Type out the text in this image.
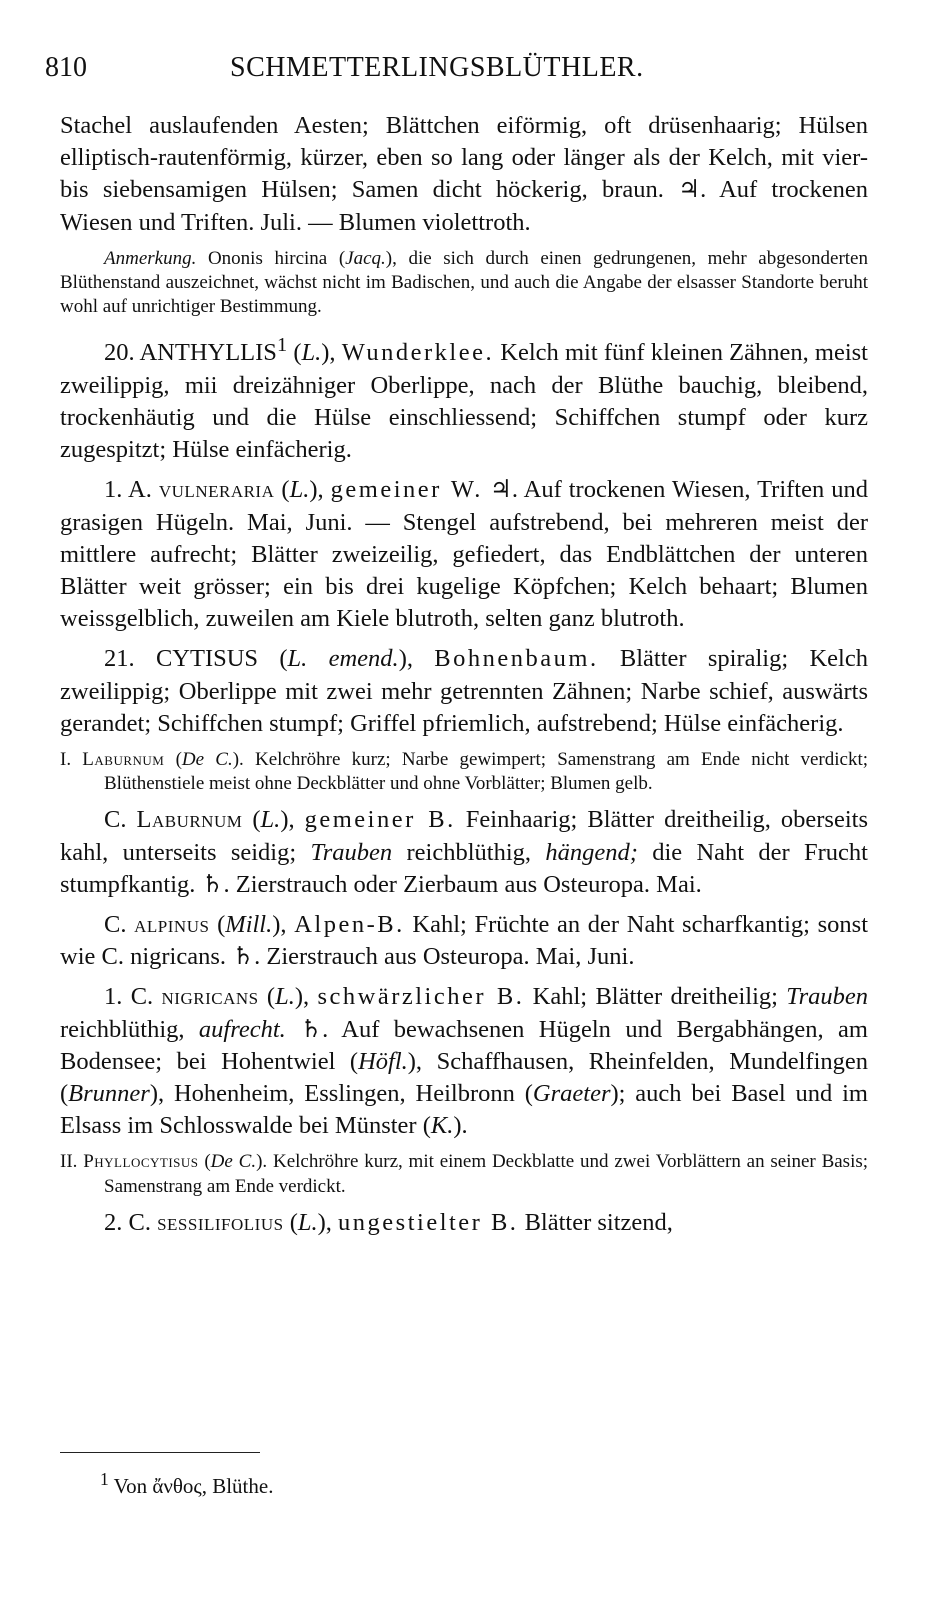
810	SCHMETTERLINGSBLÜTHLER.

Stachel auslaufenden Aesten; Blättchen eiförmig, oft drüsenhaarig; Hülsen elliptisch-rautenförmig, kürzer, eben so lang oder länger als der Kelch, mit vier- bis siebensamigen Hülsen; Samen dicht höckerig, braun. ♃. Auf trockenen Wiesen und Triften. Juli. — Blumen violettroth.

Anmerkung. Ononis hircina (Jacq.), die sich durch einen gedrungenen, mehr abgesonderten Blüthenstand auszeichnet, wächst nicht im Badischen, und auch die Angabe der elsasser Standorte beruht wohl auf unrichtiger Bestimmung.

20. ANTHYLLIS$^1$ (L.), Wunderklee. Kelch mit fünf kleinen Zähnen, meist zweilippig, mii dreizähniger Oberlippe, nach der Blüthe bauchig, bleibend, trockenhäutig und die Hülse einschliessend; Schiffchen stumpf oder kurz zugespitzt; Hülse einfächerig.

1. A. vulneraria (L.), gemeiner W. ♃. Auf trockenen Wiesen, Triften und grasigen Hügeln. Mai, Juni. — Stengel aufstrebend, bei mehreren meist der mittlere aufrecht; Blätter zweizeilig, gefiedert, das Endblättchen der unteren Blätter weit grösser; ein bis drei kugelige Köpfchen; Kelch behaart; Blumen weissgelblich, zuweilen am Kiele blutroth, selten ganz blutroth.

21. CYTISUS (L. emend.), Bohnenbaum. Blätter spiralig; Kelch zweilippig; Oberlippe mit zwei mehr getrennten Zähnen; Narbe schief, auswärts gerandet; Schiffchen stumpf; Griffel pfriemlich, aufstrebend; Hülse einfächerig.

I. Laburnum (De C.). Kelchröhre kurz; Narbe gewimpert; Samenstrang am Ende nicht verdickt; Blüthenstiele meist ohne Deckblätter und ohne Vorblätter; Blumen gelb.

C. Laburnum (L.), gemeiner B. Feinhaarig; Blätter dreitheilig, oberseits kahl, unterseits seidig; Trauben reichblüthig, hängend; die Naht der Frucht stumpfkantig. ♄. Zierstrauch oder Zierbaum aus Osteuropa. Mai.

C. alpinus (Mill.), Alpen-B. Kahl; Früchte an der Naht scharfkantig; sonst wie C. nigricans. ♄. Zierstrauch aus Osteuropa. Mai, Juni.

1. C. nigricans (L.), schwärzlicher B. Kahl; Blätter dreitheilig; Trauben reichblüthig, aufrecht. ♄. Auf bewachsenen Hügeln und Bergabhängen, am Bodensee; bei Hohentwiel (Höfl.), Schaffhausen, Rheinfelden, Mundelfingen (Brunner), Hohenheim, Esslingen, Heilbronn (Graeter); auch bei Basel und im Elsass im Schlosswalde bei Münster (K.).

II. Phyllocytisus (De C.). Kelchröhre kurz, mit einem Deckblatte und zwei Vorblättern an seiner Basis; Samenstrang am Ende verdickt.

2. C. sessilifolius (L.), ungestielter B. Blätter sitzend,

$^1$ Von ἄνθος, Blüthe.
